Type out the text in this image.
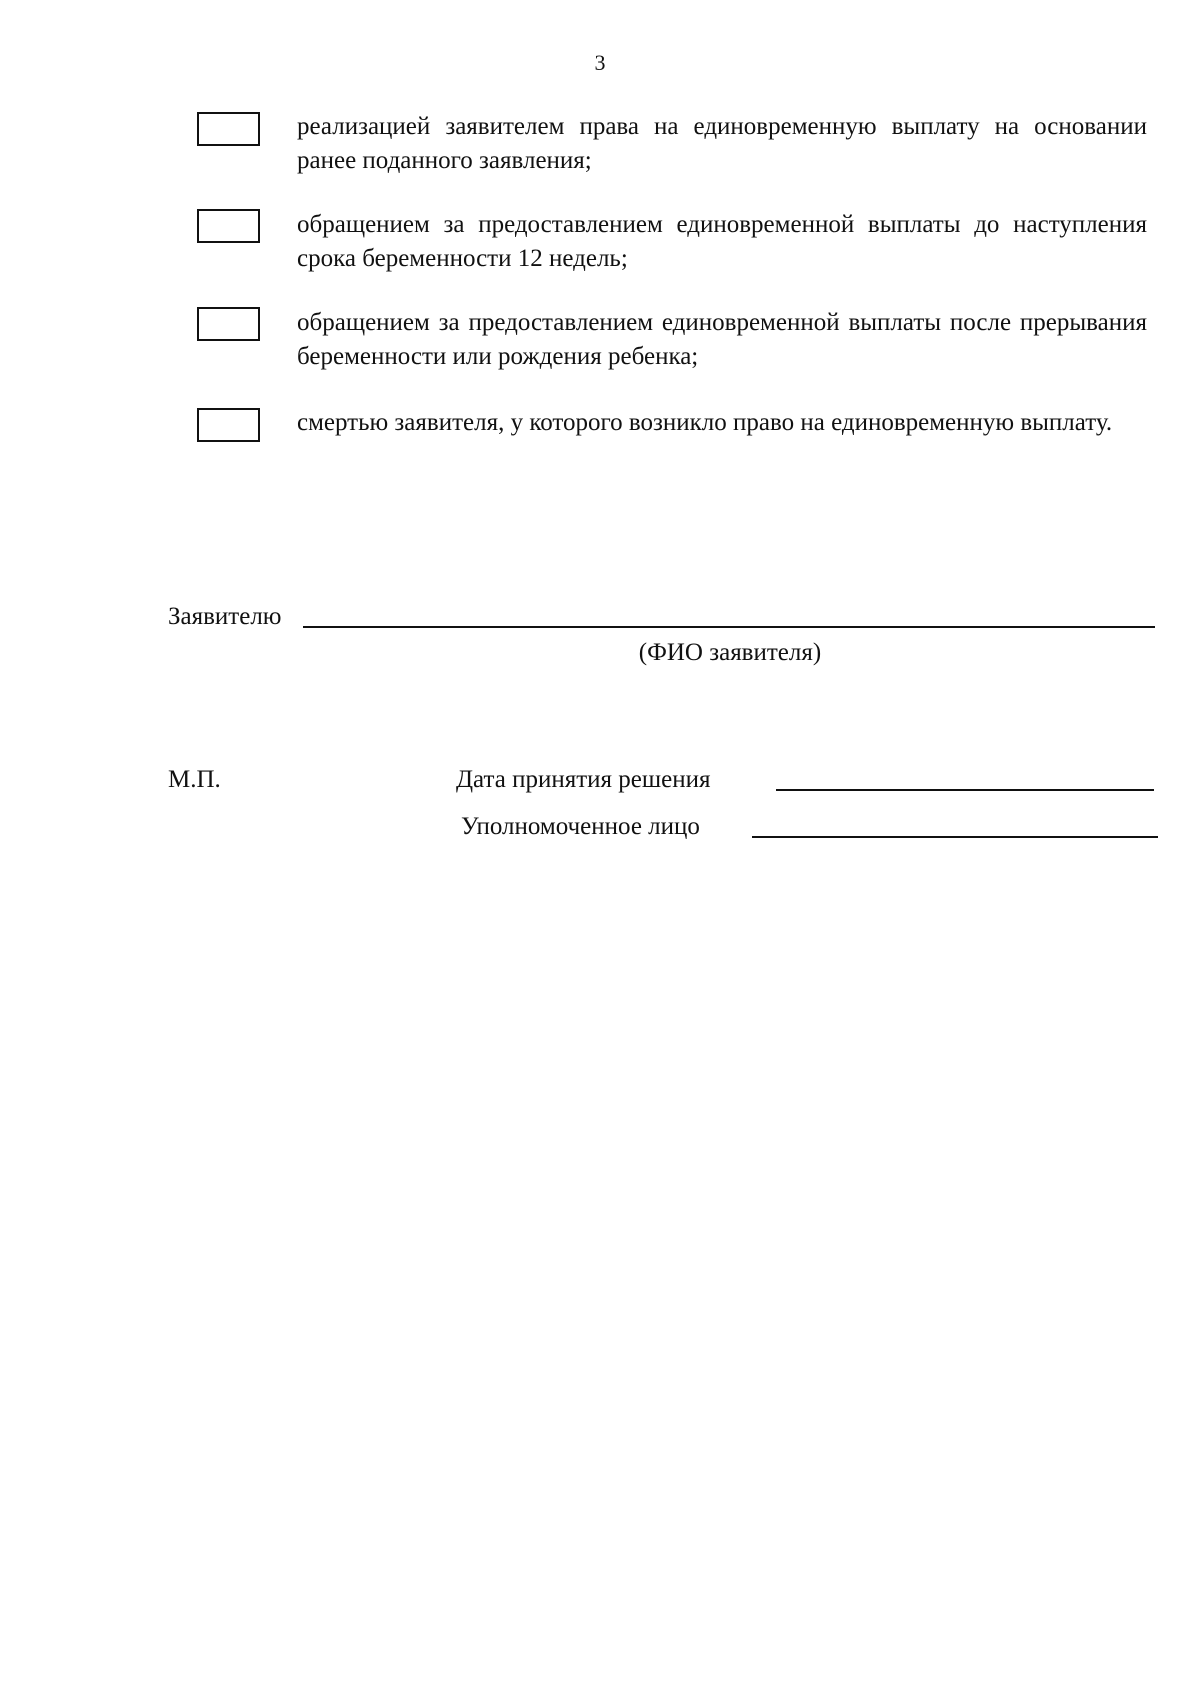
3
реализацией заявителем права на единовременную выплату на основании ранее поданного заявления;
обращением за предоставлением единовременной выплаты до наступления срока беременности 12 недель;
обращением за предоставлением единовременной выплаты после прерывания беременности или рождения ребенка;
смертью заявителя, у которого возникло право на единовременную выплату.
Заявителю
(ФИО заявителя)
М.П.	Дата принятия решения
Уполномоченное лицо
